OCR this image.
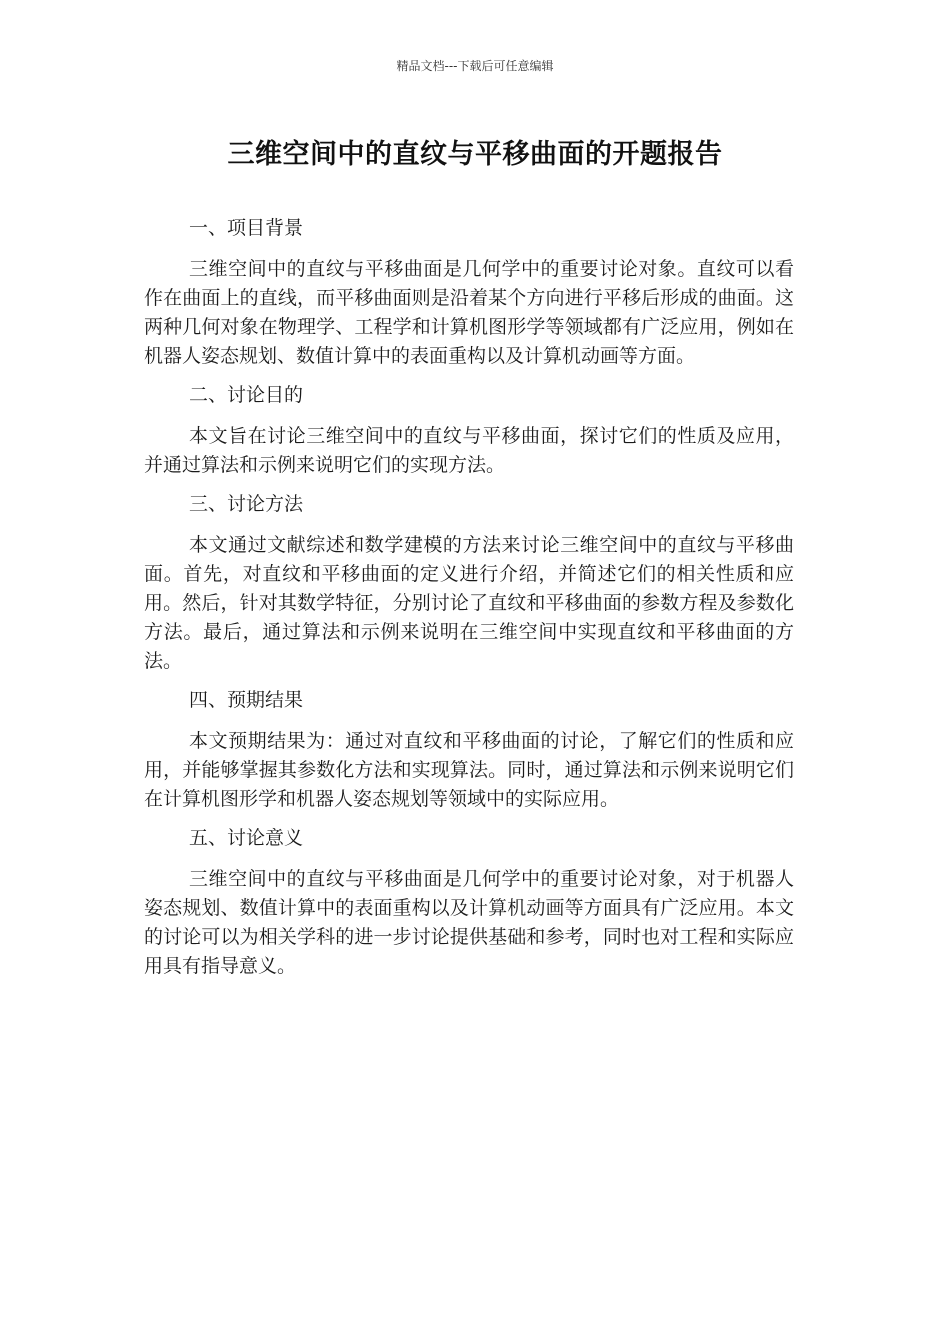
精品文档---下载后可任意编辑
三维空间中的直纹与平移曲面的开题报告

一、项目背景

三维空间中的直纹与平移曲面是几何学中的重要讨论对象。直纹可以看作在曲面上的直线，而平移曲面则是沿着某个方向进行平移后形成的曲面。这两种几何对象在物理学、工程学和计算机图形学等领域都有广泛应用，例如在机器人姿态规划、数值计算中的表面重构以及计算机动画等方面。

二、讨论目的

本文旨在讨论三维空间中的直纹与平移曲面，探讨它们的性质及应用，并通过算法和示例来说明它们的实现方法。

三、讨论方法

本文通过文献综述和数学建模的方法来讨论三维空间中的直纹与平移曲面。首先，对直纹和平移曲面的定义进行介绍，并简述它们的相关性质和应用。然后，针对其数学特征，分别讨论了直纹和平移曲面的参数方程及参数化方法。最后，通过算法和示例来说明在三维空间中实现直纹和平移曲面的方法。

四、预期结果

本文预期结果为：通过对直纹和平移曲面的讨论，了解它们的性质和应用，并能够掌握其参数化方法和实现算法。同时，通过算法和示例来说明它们在计算机图形学和机器人姿态规划等领域中的实际应用。

五、讨论意义

三维空间中的直纹与平移曲面是几何学中的重要讨论对象，对于机器人姿态规划、数值计算中的表面重构以及计算机动画等方面具有广泛应用。本文的讨论可以为相关学科的进一步讨论提供基础和参考，同时也对工程和实际应用具有指导意义。
